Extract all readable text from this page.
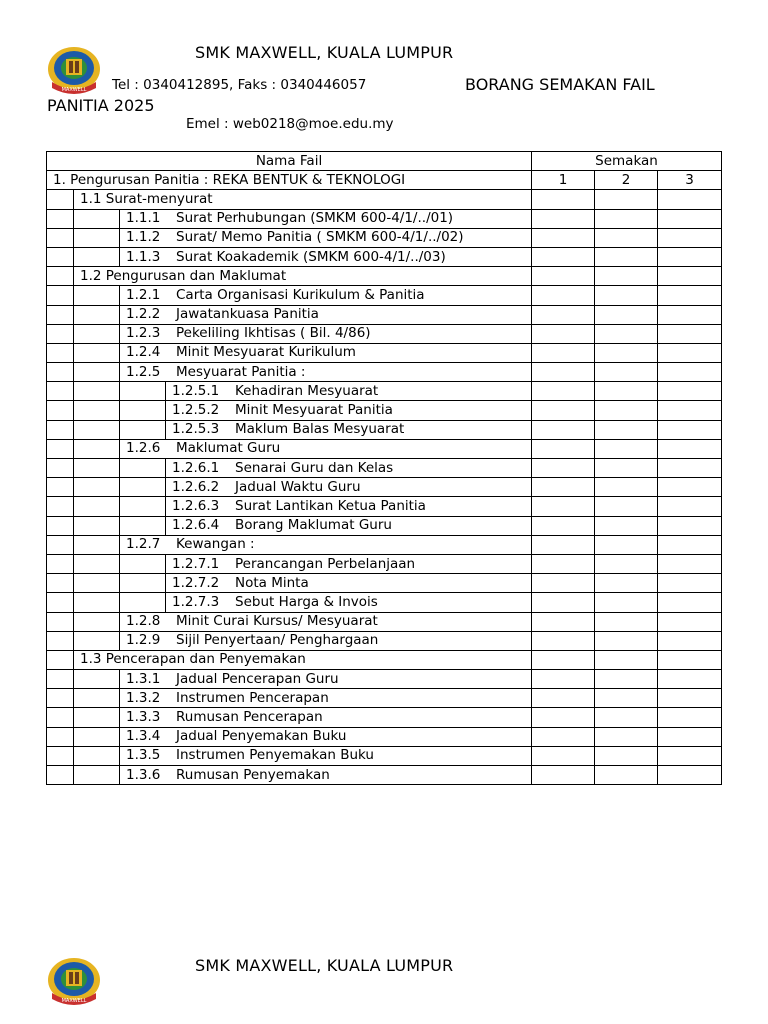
MAXWELL
SMK MAXWELL, KUALA LUMPUR
Tel : 0340412895, Faks : 0340446057	BORANG SEMAKAN FAIL
PANITIA 2025
Emel : web0218@moe.edu.my
Nama Fail				Semakan		
1. Pengurusan Panitia : REKA BENTUK & TEKNOLOGI				1	2	3
	1.1 Surat-menyurat					
		1.1.1 Surat Perhubungan (SMKM 600-4/1/../01)				
		1.1.2 Surat/ Memo Panitia ( SMKM 600-4/1/../02)				
		1.1.3 Surat Koakademik (SMKM 600-4/1/../03)				
	1.2 Pengurusan dan Maklumat					
		1.2.1 Carta Organisasi Kurikulum & Panitia				
		1.2.2 Jawatankuasa Panitia				
		1.2.3 Pekeliling Ikhtisas ( Bil. 4/86)				
		1.2.4 Minit Mesyuarat Kurikulum				
		1.2.5 Mesyuarat Panitia :				
			1.2.5.1 Kehadiran Mesyuarat			
			1.2.5.2 Minit Mesyuarat Panitia			
			1.2.5.3 Maklum Balas Mesyuarat			
		1.2.6 Maklumat Guru				
			1.2.6.1 Senarai Guru dan Kelas			
			1.2.6.2 Jadual Waktu Guru			
			1.2.6.3 Surat Lantikan Ketua Panitia			
			1.2.6.4 Borang Maklumat Guru			
		1.2.7 Kewangan :				
			1.2.7.1 Perancangan Perbelanjaan			
			1.2.7.2 Nota Minta			
			1.2.7.3 Sebut Harga & Invois			
		1.2.8 Minit Curai Kursus/ Mesyuarat				
		1.2.9 Sijil Penyertaan/ Penghargaan				
	1.3 Pencerapan dan Penyemakan					
		1.3.1 Jadual Pencerapan Guru				
		1.3.2 Instrumen Pencerapan				
		1.3.3 Rumusan Pencerapan				
		1.3.4 Jadual Penyemakan Buku				
		1.3.5 Instrumen Penyemakan Buku				
		1.3.6 Rumusan Penyemakan				
MAXWELL
SMK MAXWELL, KUALA LUMPUR
